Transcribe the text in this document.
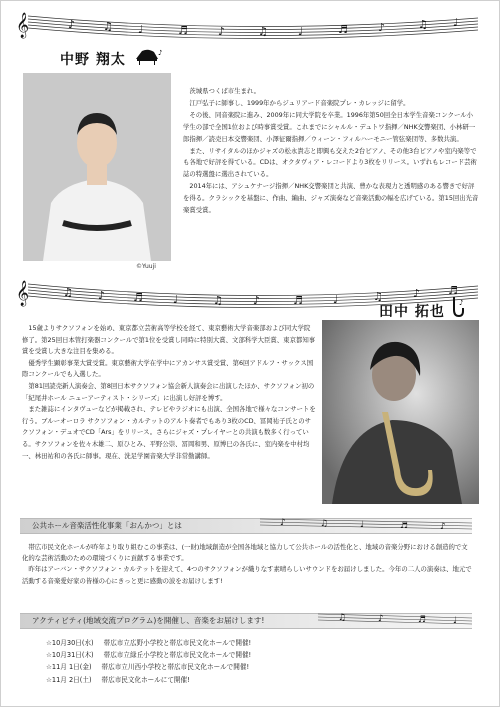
𝄞	♪	♫ ♩	♬	♪	♫	♩	♬	♪	♫ ♩
中野 翔太	♪
©Yuuji

茨城県つくば市生まれ。

江戸弘子に師事し、1999年からジュリアード音楽院プレ・カレッジに留学。

その後、同音楽院に進み、2009年に同大学院を卒業。1996年第50回全日本学生音楽コンクール小学生の部で全国1位および時事賞受賞。これまでにシャルル・デュトワ指揮／NHK交響楽団、小林研一郎指揮／読売日本交響楽団、小澤征爾指揮／ウィーン・フィルハーモニー管弦楽団等、多数共演。

また、リサイタルのほかジャズの松永貴志と即興も交えた2台ピアノ、その他3台ピアノや室内楽等でも各地で好評を得ている。CDは、オクタヴィア・レコードより3枚をリリース。いずれもレコード芸術誌の特選盤に選出されている。

2014年には、アシュケナージ指揮／NHK交響楽団と共演、豊かな表現力と透明感のある響きで好評を得る。クラシックを基盤に、作曲、編曲、ジャズ演奏など音楽活動の幅を広げている。第15回出光音楽賞受賞。

𝄞	♫ ♪	♬	♩	♫	♪	♬	♩	♫	♪	♬
田中 拓也
♪

15歳よりサクソフォンを始め、東京都立芸術高等学校を経て、東京藝術大学音楽部および同大学院修了。第25回日本管打楽器コンクールで第1位を受賞し同時に特別大賞、文部科学大臣賞、東京都知事賞を受賞し大きな注目を集める。

優秀学生顕彰事業大賞受賞。東京藝術大学在学中にアカンサス賞受賞、第6回アドルフ・サックス国際コンクールでも入選した。

第81回読売新人演奏会、第8回日本サクソフォン協会新人演奏会に出演したほか、サクソフォン初の「紀尾井ホール ニューアーティスト・シリーズ」に出演し好評を博す。

また雑誌にインタヴューなどが掲載され、テレビやラジオにも出演、全国各地で様々なコンサートを行う。ブルーオーロラ サクソフォン・カルテットのアルト奏者でもあり3枚のCD、冨岡祐子氏とのサクソフォン・デュオでCD「Ars」をリリース。さらにジャズ・プレイヤーとの共演も数多く行っている。サクソフォンを佐々木雄二、原ひとみ、平野公崇、冨岡和男、原博巳の各氏に、室内楽を中村均一、林田祐和の各氏に師事。現在、洗足学園音楽大学非常勤講師。

公共ホール音楽活性化事業「おんかつ」とは	♪	♫	♩	♬	♪

帯広市民文化ホールが昨年より取り組むこの事業は、(一財)地域創造が全国各地域と協力して公共ホールの活性化と、地域の音楽分野における創造的で文化的な芸術活動のための環境づくりに貢献する事業です。

昨年はアーバン・サクソフォン・カルテットを迎えて、4つのサクソフォンが織りなす素晴らしいサウンドをお届けしました。今年の二人の演奏は、地元で活動する音楽愛好家の皆様の心にきっと更に感動の波をお届けします!

アクティビティ(地域交流プログラム)を開催し、音楽をお届けします!	♫	♪	♬	♩
☆10月30日(水) 帯広市立広野小学校と帯広市民文化ホールで開催!
☆10月31日(木) 帯広市立緑丘小学校と帯広市民文化ホールで開催!
☆11月 1日(金) 帯広市立川西小学校と帯広市民文化ホールで開催!
☆11月 2日(土) 帯広市民文化ホールにて開催!
